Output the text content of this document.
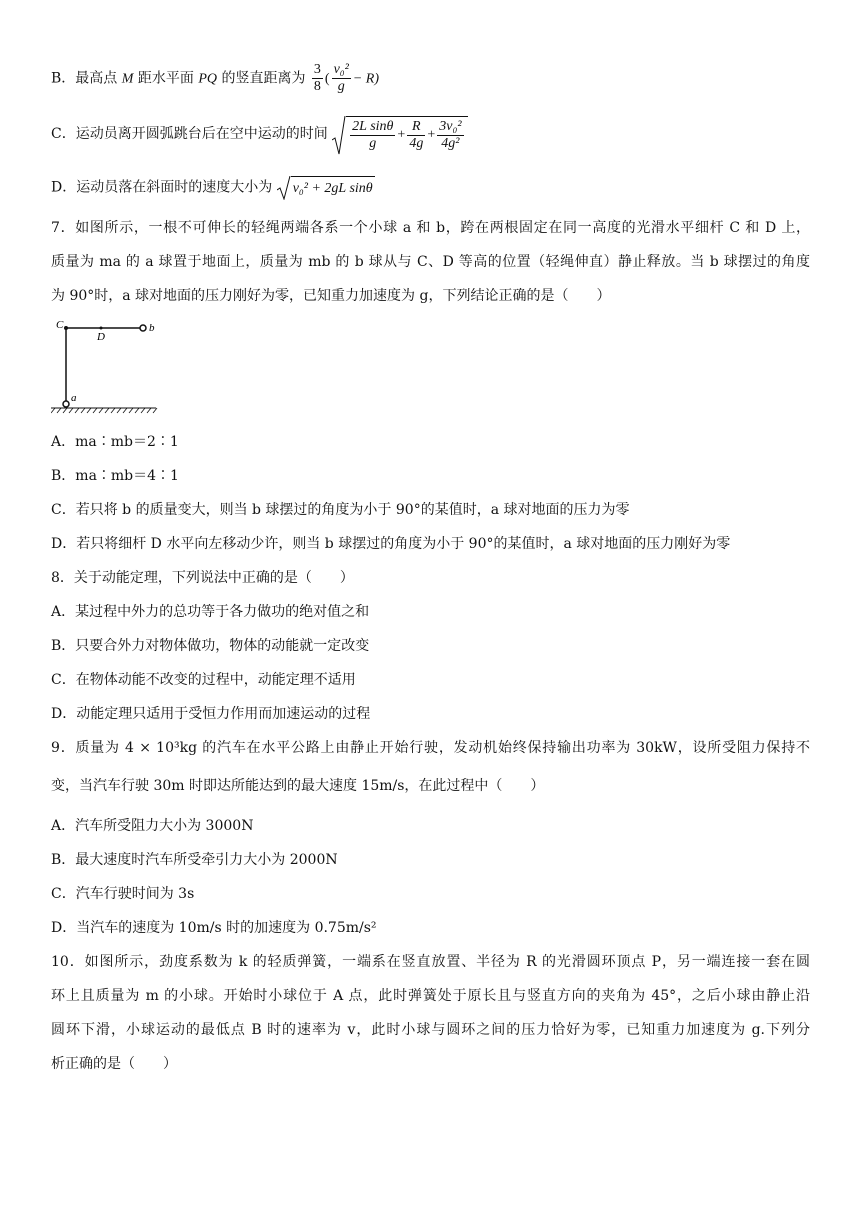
B．最高点 M 距水平面 PQ 的竖直距离为 $\frac{3}{8}$ ( $\frac{\text{v₀²}}{g} - R$)
C．运动员离开圆弧跳台后在空中运动的时间 $\frac{\text{2L sinθ}}{g} + \frac{R}{4g} + \frac{\text{3v₀²}}{\text{4g²}}$
D．运动员落在斜面时的速度大小为 v₀² + 2gL sinθ
7．如图所示，一根不可伸长的轻绳两端各系一个小球 a 和 b，跨在两根固定在同一高度的光滑水平细杆 C 和 D 上，
质量为 ma 的 a 球置于地面上，质量为 mb 的 b 球从与 C、D 等高的位置（轻绳伸直）静止释放。当 b 球摆过的角度
为 90°时，a 球对地面的压力刚好为零，已知重力加速度为 g，下列结论正确的是（　　）
C
D
b
a
A．ma∶mb＝2∶1
B．ma∶mb＝4∶1
C．若只将 b 的质量变大，则当 b 球摆过的角度为小于 90°的某值时，a 球对地面的压力为零
D．若只将细杆 D 水平向左移动少许，则当 b 球摆过的角度为小于 90°的某值时，a 球对地面的压力刚好为零
8．关于动能定理，下列说法中正确的是（　　）
A．某过程中外力的总功等于各力做功的绝对值之和
B．只要合外力对物体做功，物体的动能就一定改变
C．在物体动能不改变的过程中，动能定理不适用
D．动能定理只适用于受恒力作用而加速运动的过程
9．质量为 4 × 10³kg 的汽车在水平公路上由静止开始行驶，发动机始终保持输出功率为 30kW，设所受阻力保持不
变，当汽车行驶 30m 时即达所能达到的最大速度 15m/s，在此过程中（　　）
A．汽车所受阻力大小为 3000N
B．最大速度时汽车所受牵引力大小为 2000N
C．汽车行驶时间为 3s
D．当汽车的速度为 10m/s 时的加速度为 0.75m/s²
10．如图所示，劲度系数为 k 的轻质弹簧，一端系在竖直放置、半径为 R 的光滑圆环顶点 P，另一端连接一套在圆
环上且质量为 m 的小球。开始时小球位于 A 点，此时弹簧处于原长且与竖直方向的夹角为 45°，之后小球由静止沿
圆环下滑，小球运动的最低点 B 时的速率为 v，此时小球与圆环之间的压力恰好为零，已知重力加速度为 g.下列分
析正确的是（　　）
